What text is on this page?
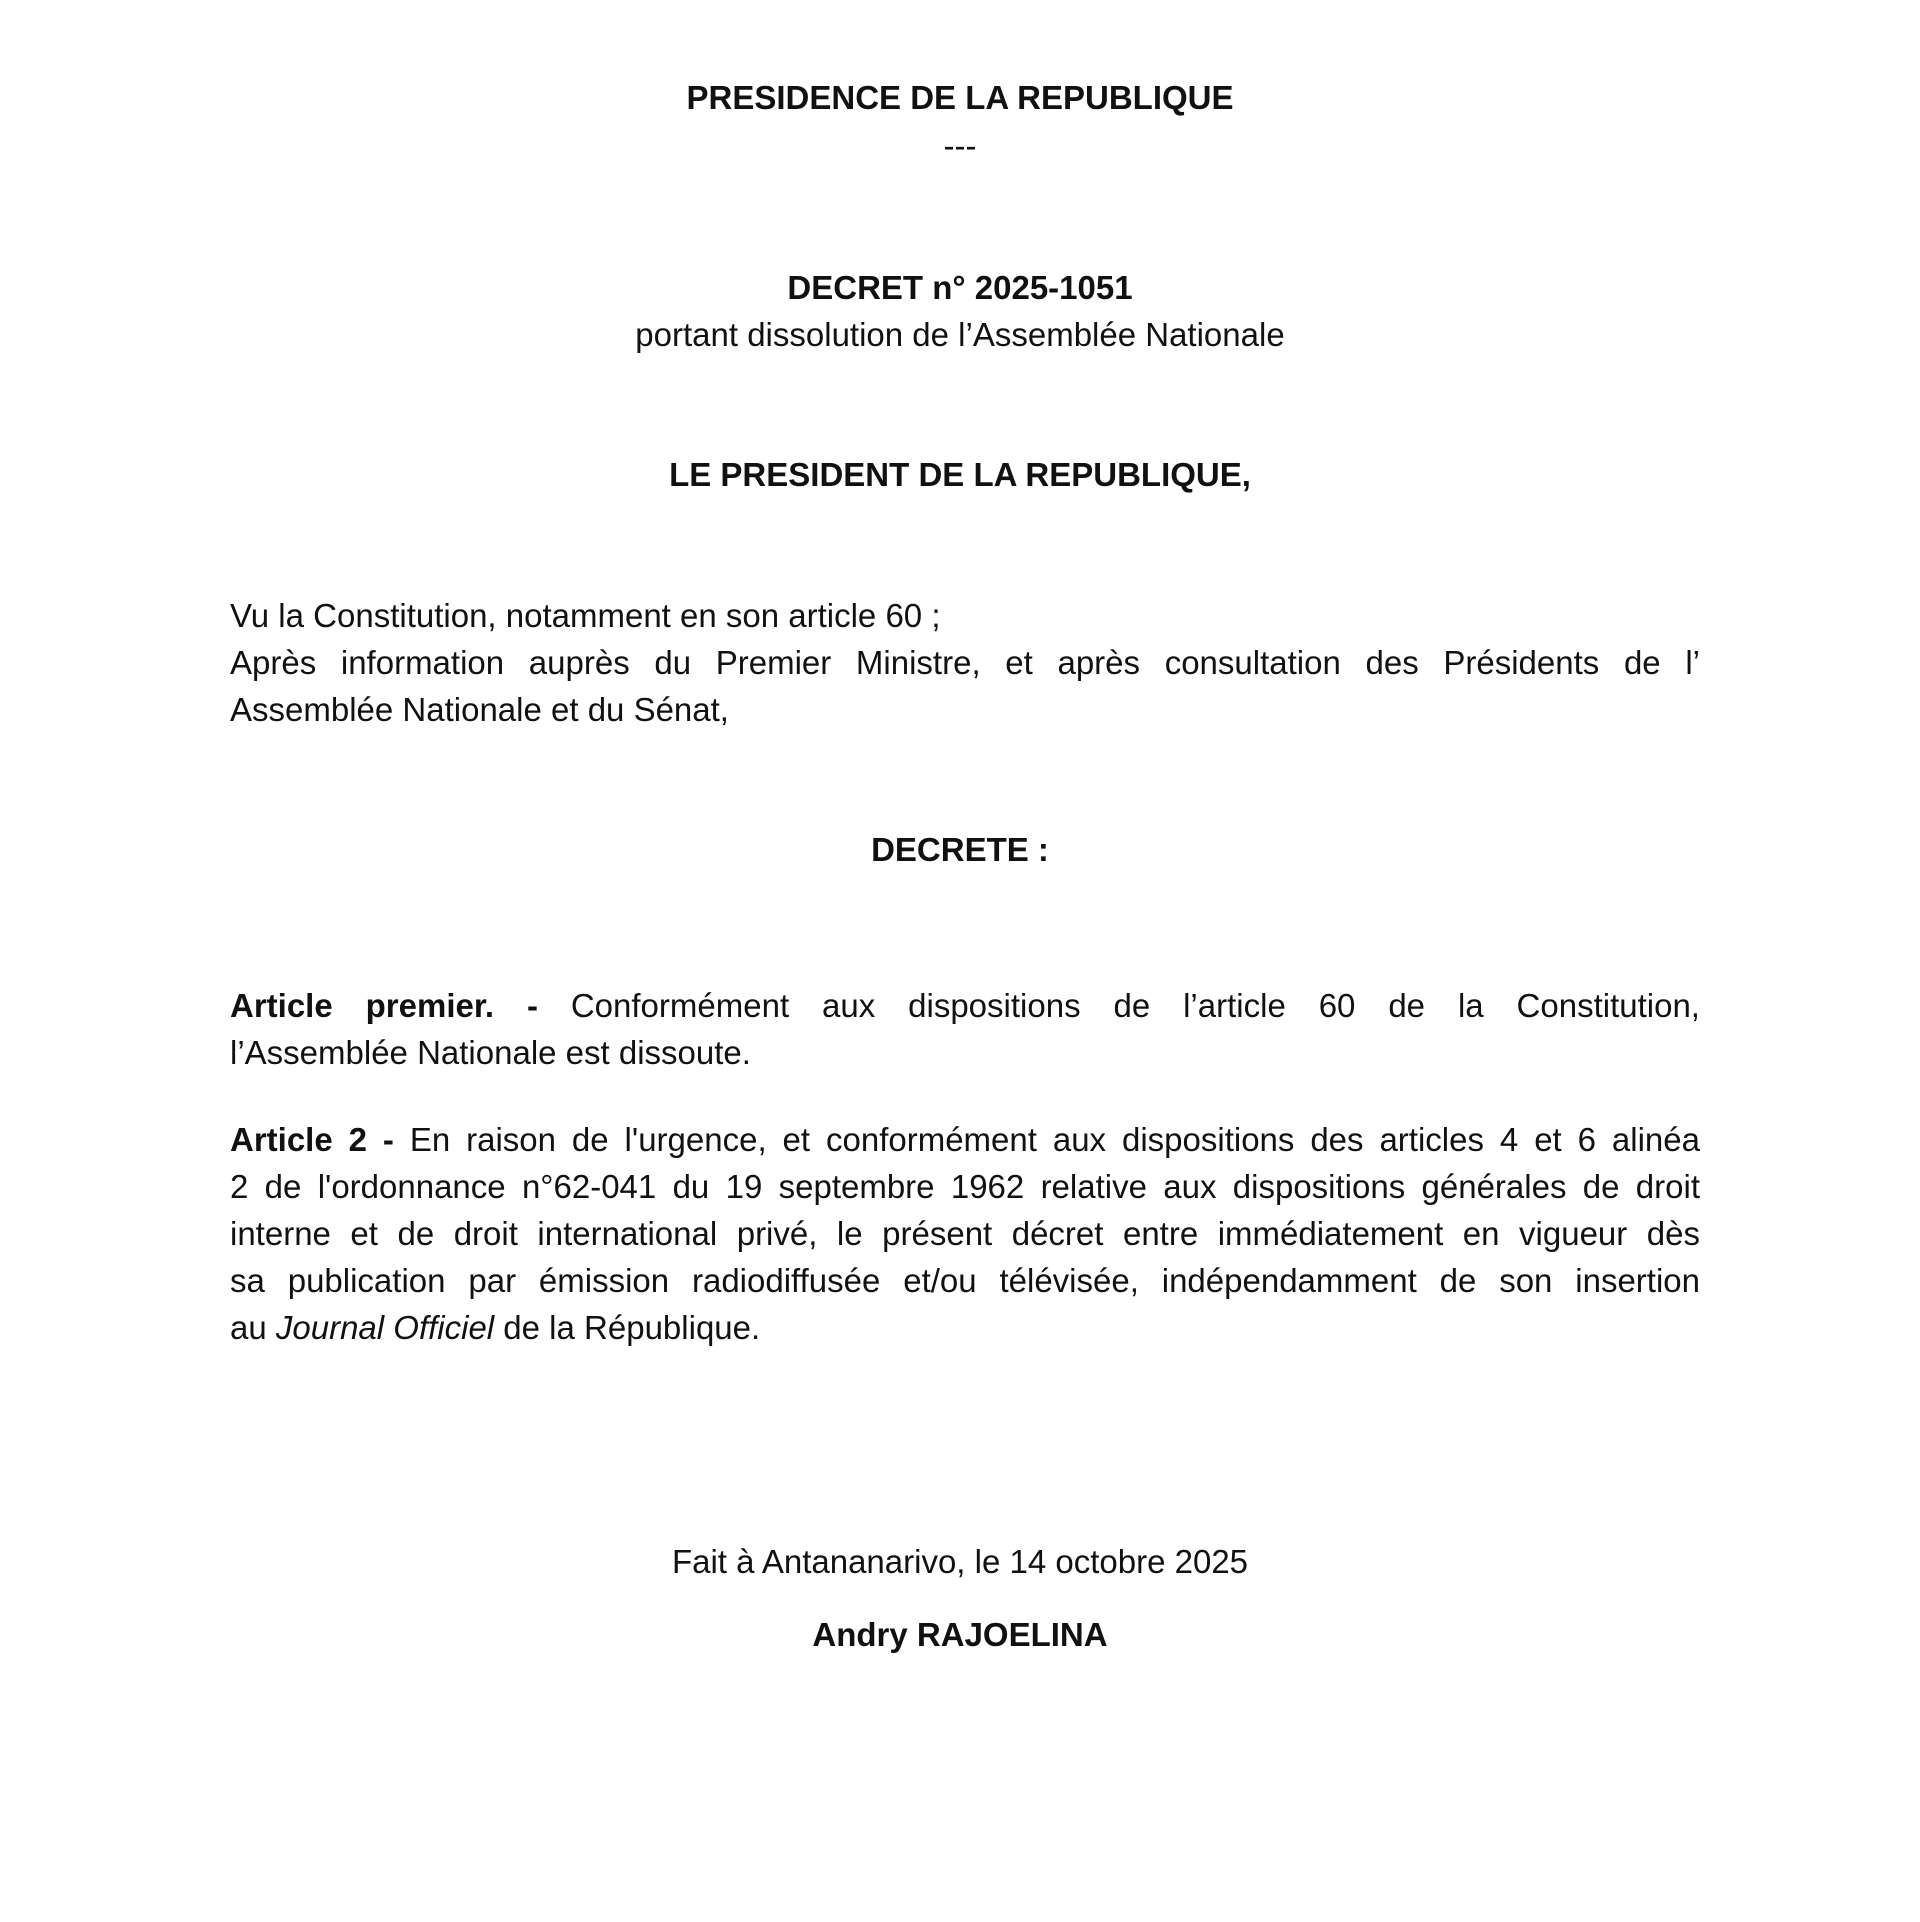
PRESIDENCE DE LA REPUBLIQUE
---
DECRET n° 2025-1051
portant dissolution de l’Assemblée Nationale
LE PRESIDENT DE LA REPUBLIQUE,
Vu la Constitution, notamment en son article 60 ;
Après information auprès du Premier Ministre, et après consultation des Présidents de l’
Assemblée Nationale et du Sénat,
DECRETE :
Article premier. - Conformément aux dispositions de l’article 60 de la Constitution,
l’Assemblée Nationale est dissoute.
Article 2 - En raison de l'urgence, et conformément aux dispositions des articles 4 et 6 alinéa
2 de l'ordonnance n°62-041 du 19 septembre 1962 relative aux dispositions générales de droit
interne et de droit international privé, le présent décret entre immédiatement en vigueur dès
sa publication par émission radiodiffusée et/ou télévisée, indépendamment de son insertion
au Journal Officiel de la République.
Fait à Antananarivo, le 14 octobre 2025
Andry RAJOELINA
